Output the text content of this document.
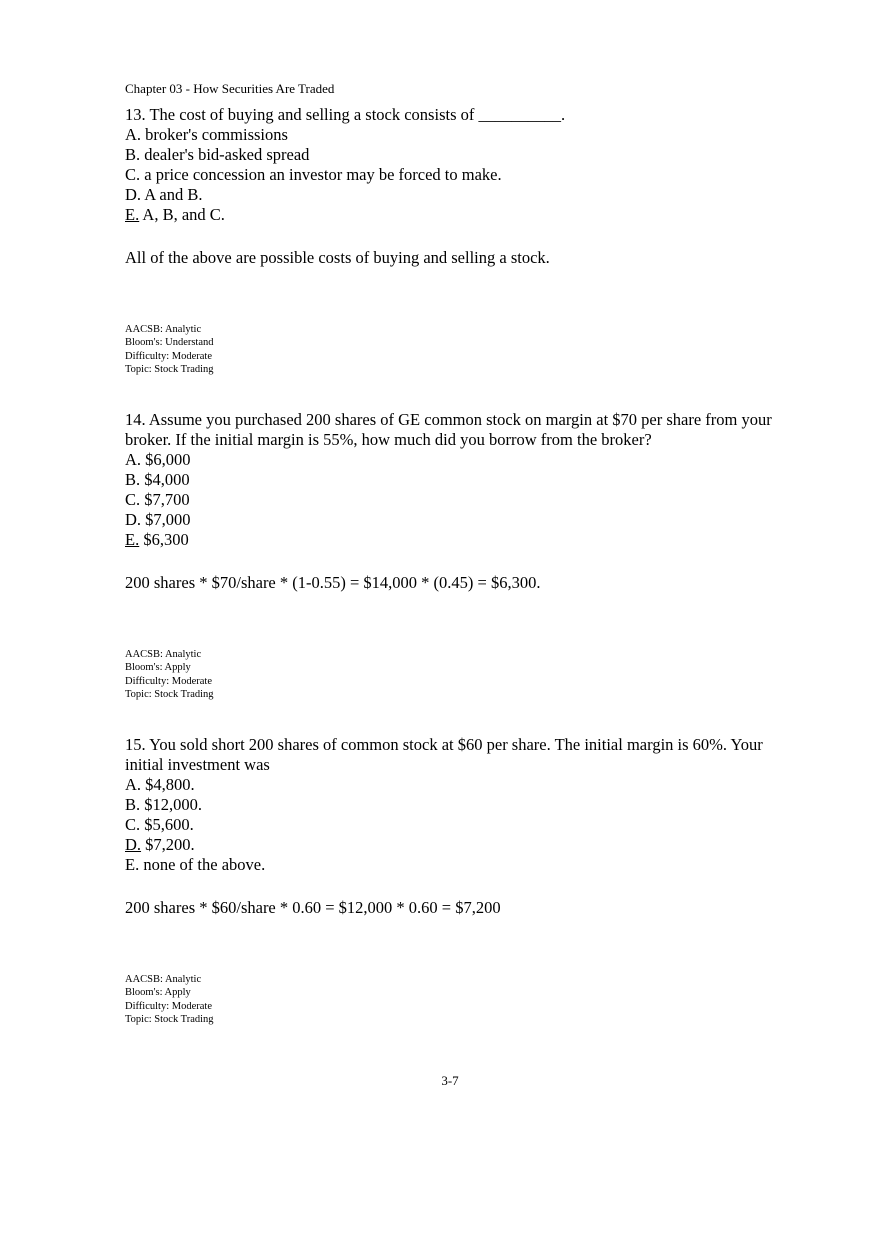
Chapter 03 - How Securities Are Traded
13. The cost of buying and selling a stock consists of __________.
A. broker's commissions
B. dealer's bid-asked spread
C. a price concession an investor may be forced to make.
D. A and B.
E. A, B, and C.
All of the above are possible costs of buying and selling a stock.
AACSB: Analytic
Bloom's: Understand
Difficulty: Moderate
Topic: Stock Trading
14. Assume you purchased 200 shares of GE common stock on margin at $70 per share from your broker. If the initial margin is 55%, how much did you borrow from the broker?
A. $6,000
B. $4,000
C. $7,700
D. $7,000
E. $6,300
200 shares * $70/share * (1-0.55) = $14,000 * (0.45) = $6,300.
AACSB: Analytic
Bloom's: Apply
Difficulty: Moderate
Topic: Stock Trading
15. You sold short 200 shares of common stock at $60 per share. The initial margin is 60%. Your initial investment was
A. $4,800.
B. $12,000.
C. $5,600.
D. $7,200.
E. none of the above.
200 shares * $60/share * 0.60 = $12,000 * 0.60 = $7,200
AACSB: Analytic
Bloom's: Apply
Difficulty: Moderate
Topic: Stock Trading
3-7
